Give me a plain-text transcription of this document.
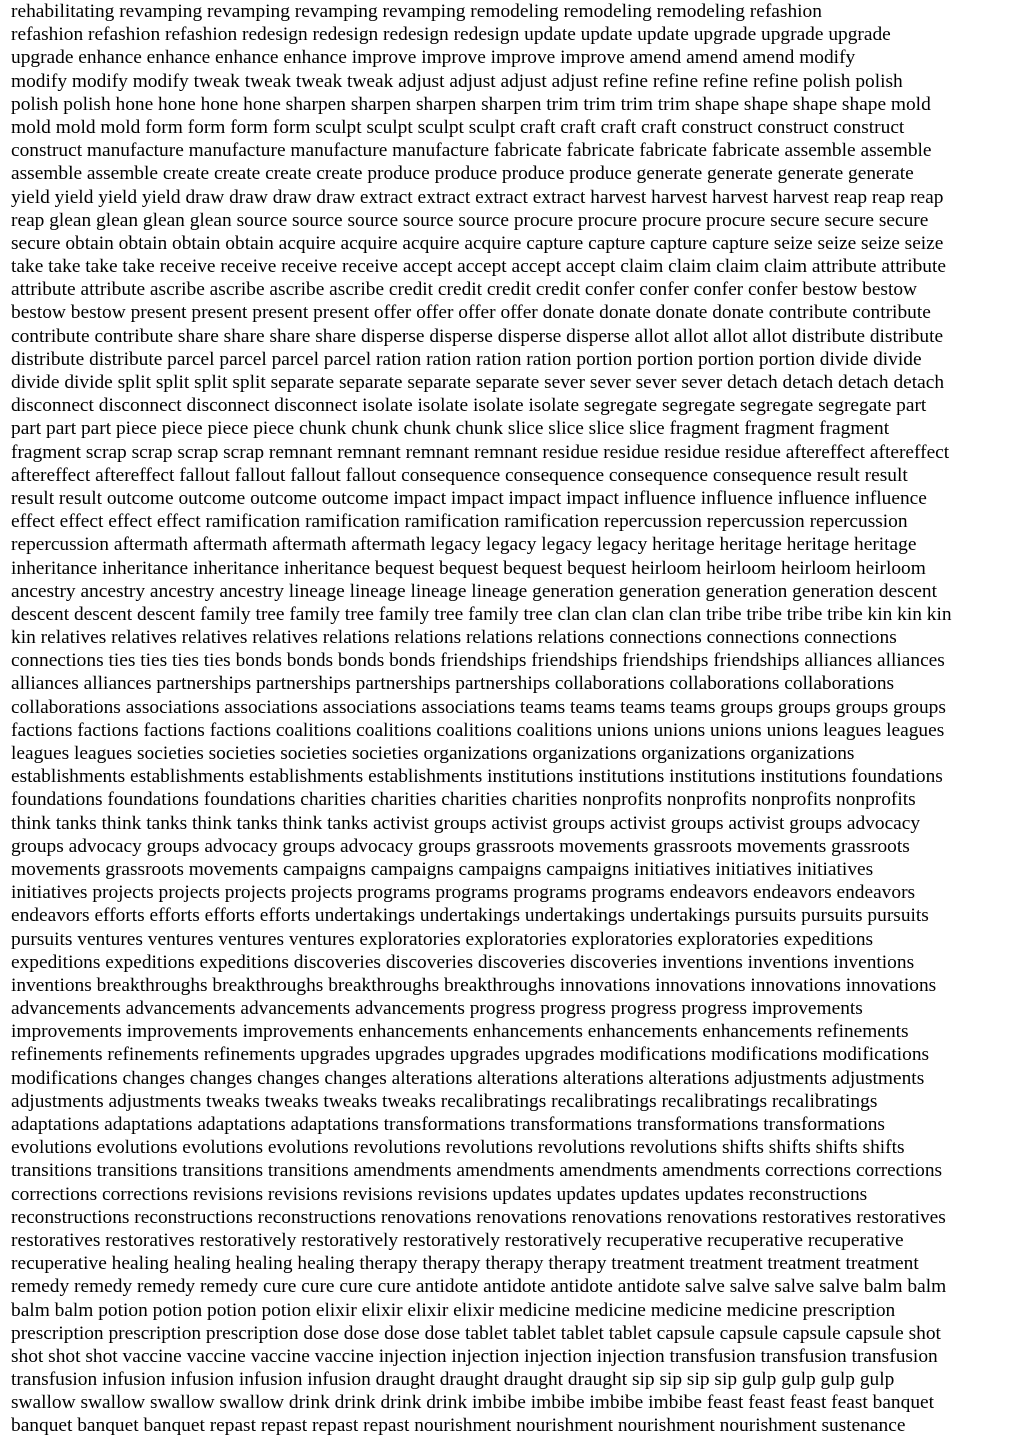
rehabilitating revamping revamping revamping revamping remodeling remodeling remodeling refashion
refashion refashion refashion redesign redesign redesign redesign update update update upgrade upgrade upgrade
upgrade enhance enhance enhance enhance improve improve improve improve amend amend amend modify
modify modify modify tweak tweak tweak tweak adjust adjust adjust adjust refine refine refine refine polish polish
polish polish hone hone hone hone sharpen sharpen sharpen sharpen trim trim trim trim shape shape shape shape mold
mold mold mold form form form form sculpt sculpt sculpt sculpt craft craft craft craft construct construct construct
construct manufacture manufacture manufacture manufacture fabricate fabricate fabricate fabricate assemble assemble
assemble assemble create create create create produce produce produce produce generate generate generate generate
yield yield yield yield draw draw draw draw extract extract extract extract harvest harvest harvest harvest reap reap reap
reap glean glean glean glean source source source source source procure procure procure procure secure secure secure
secure obtain obtain obtain obtain acquire acquire acquire acquire capture capture capture capture seize seize seize seize
take take take take receive receive receive receive accept accept accept accept claim claim claim claim attribute attribute
attribute attribute ascribe ascribe ascribe ascribe credit credit credit credit confer confer confer confer bestow bestow
bestow bestow present present present present offer offer offer offer donate donate donate donate contribute contribute
contribute contribute share share share share disperse disperse disperse disperse allot allot allot allot distribute distribute
distribute distribute parcel parcel parcel parcel ration ration ration ration portion portion portion portion divide divide
divide divide split split split split separate separate separate separate sever sever sever sever detach detach detach detach
disconnect disconnect disconnect disconnect isolate isolate isolate isolate segregate segregate segregate segregate part
part part part piece piece piece piece chunk chunk chunk chunk slice slice slice slice fragment fragment fragment
fragment scrap scrap scrap scrap remnant remnant remnant remnant residue residue residue residue aftereffect aftereffect
aftereffect aftereffect fallout fallout fallout fallout consequence consequence consequence consequence result result
result result outcome outcome outcome outcome impact impact impact impact influence influence influence influence
effect effect effect effect ramification ramification ramification ramification repercussion repercussion repercussion
repercussion aftermath aftermath aftermath aftermath legacy legacy legacy legacy heritage heritage heritage heritage
inheritance inheritance inheritance inheritance bequest bequest bequest bequest heirloom heirloom heirloom heirloom
ancestry ancestry ancestry ancestry lineage lineage lineage lineage generation generation generation generation descent
descent descent descent family tree family tree family tree family tree clan clan clan clan tribe tribe tribe tribe kin kin kin
kin relatives relatives relatives relatives relations relations relations relations connections connections connections
connections ties ties ties ties bonds bonds bonds bonds friendships friendships friendships friendships alliances alliances
alliances alliances partnerships partnerships partnerships partnerships collaborations collaborations collaborations
collaborations associations associations associations associations teams teams teams teams groups groups groups groups
factions factions factions factions coalitions coalitions coalitions coalitions unions unions unions unions leagues leagues
leagues leagues societies societies societies societies organizations organizations organizations organizations
establishments establishments establishments establishments institutions institutions institutions institutions foundations
foundations foundations foundations charities charities charities charities nonprofits nonprofits nonprofits nonprofits
think tanks think tanks think tanks think tanks activist groups activist groups activist groups activist groups advocacy
groups advocacy groups advocacy groups advocacy groups grassroots movements grassroots movements grassroots
movements grassroots movements campaigns campaigns campaigns campaigns initiatives initiatives initiatives
initiatives projects projects projects projects programs programs programs programs endeavors endeavors endeavors
endeavors efforts efforts efforts efforts undertakings undertakings undertakings undertakings pursuits pursuits pursuits
pursuits ventures ventures ventures ventures exploratories exploratories exploratories exploratories expeditions
expeditions expeditions expeditions discoveries discoveries discoveries discoveries inventions inventions inventions
inventions breakthroughs breakthroughs breakthroughs breakthroughs innovations innovations innovations innovations
advancements advancements advancements advancements progress progress progress progress improvements
improvements improvements improvements enhancements enhancements enhancements enhancements refinements
refinements refinements refinements upgrades upgrades upgrades upgrades modifications modifications modifications
modifications changes changes changes changes alterations alterations alterations alterations adjustments adjustments
adjustments adjustments tweaks tweaks tweaks tweaks recalibratings recalibratings recalibratings recalibratings
adaptations adaptations adaptations adaptations transformations transformations transformations transformations
evolutions evolutions evolutions evolutions revolutions revolutions revolutions revolutions shifts shifts shifts shifts
transitions transitions transitions transitions amendments amendments amendments amendments corrections corrections
corrections corrections revisions revisions revisions revisions updates updates updates updates reconstructions
reconstructions reconstructions reconstructions renovations renovations renovations renovations restoratives restoratives
restoratives restoratives restoratively restoratively restoratively restoratively recuperative recuperative recuperative
recuperative healing healing healing healing therapy therapy therapy therapy treatment treatment treatment treatment
remedy remedy remedy remedy cure cure cure cure antidote antidote antidote antidote salve salve salve salve balm balm
balm balm potion potion potion potion elixir elixir elixir elixir medicine medicine medicine medicine prescription
prescription prescription prescription dose dose dose dose tablet tablet tablet tablet capsule capsule capsule capsule shot
shot shot shot vaccine vaccine vaccine vaccine injection injection injection injection transfusion transfusion transfusion
transfusion infusion infusion infusion infusion draught draught draught draught sip sip sip sip gulp gulp gulp gulp
swallow swallow swallow swallow drink drink drink drink imbibe imbibe imbibe imbibe feast feast feast feast banquet
banquet banquet banquet repast repast repast repast nourishment nourishment nourishment nourishment sustenance
